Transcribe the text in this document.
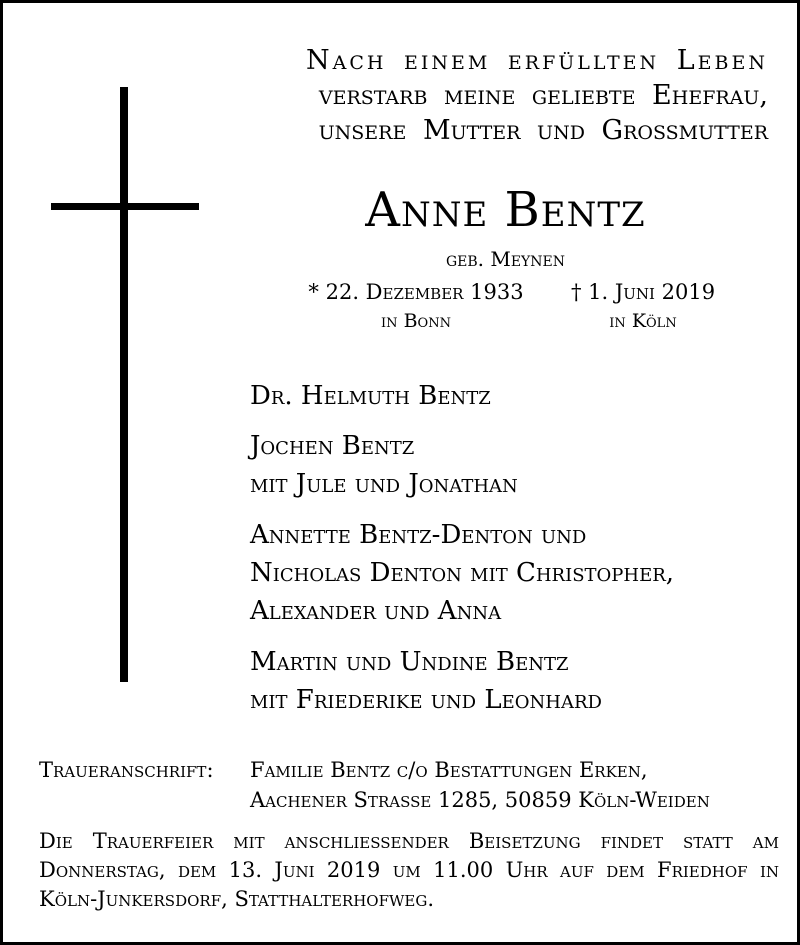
Nach einem erfüllten Leben
verstarb meine geliebte Ehefrau,
unsere Mutter und Grossmutter
Anne Bentz
geb. Meynen
* 22. Dezember 1933
in Bonn
† 1. Juni 2019
in Köln
Dr. Helmuth Bentz
Jochen Bentz
mit Jule und Jonathan
Annette Bentz-Denton und
Nicholas Denton mit Christopher,
Alexander und Anna
Martin und Undine Bentz
mit Friederike und Leonhard
Traueranschrift: Familie Bentz c/o Bestattungen Erken,
Aachener Strasse 1285, 50859 Köln-Weiden
Die Trauerfeier mit anschliessender Beisetzung findet statt am
Donnerstag, dem 13. Juni 2019 um 11.00 Uhr auf dem Friedhof in
Köln-Junkersdorf, Statthalterhofweg.
